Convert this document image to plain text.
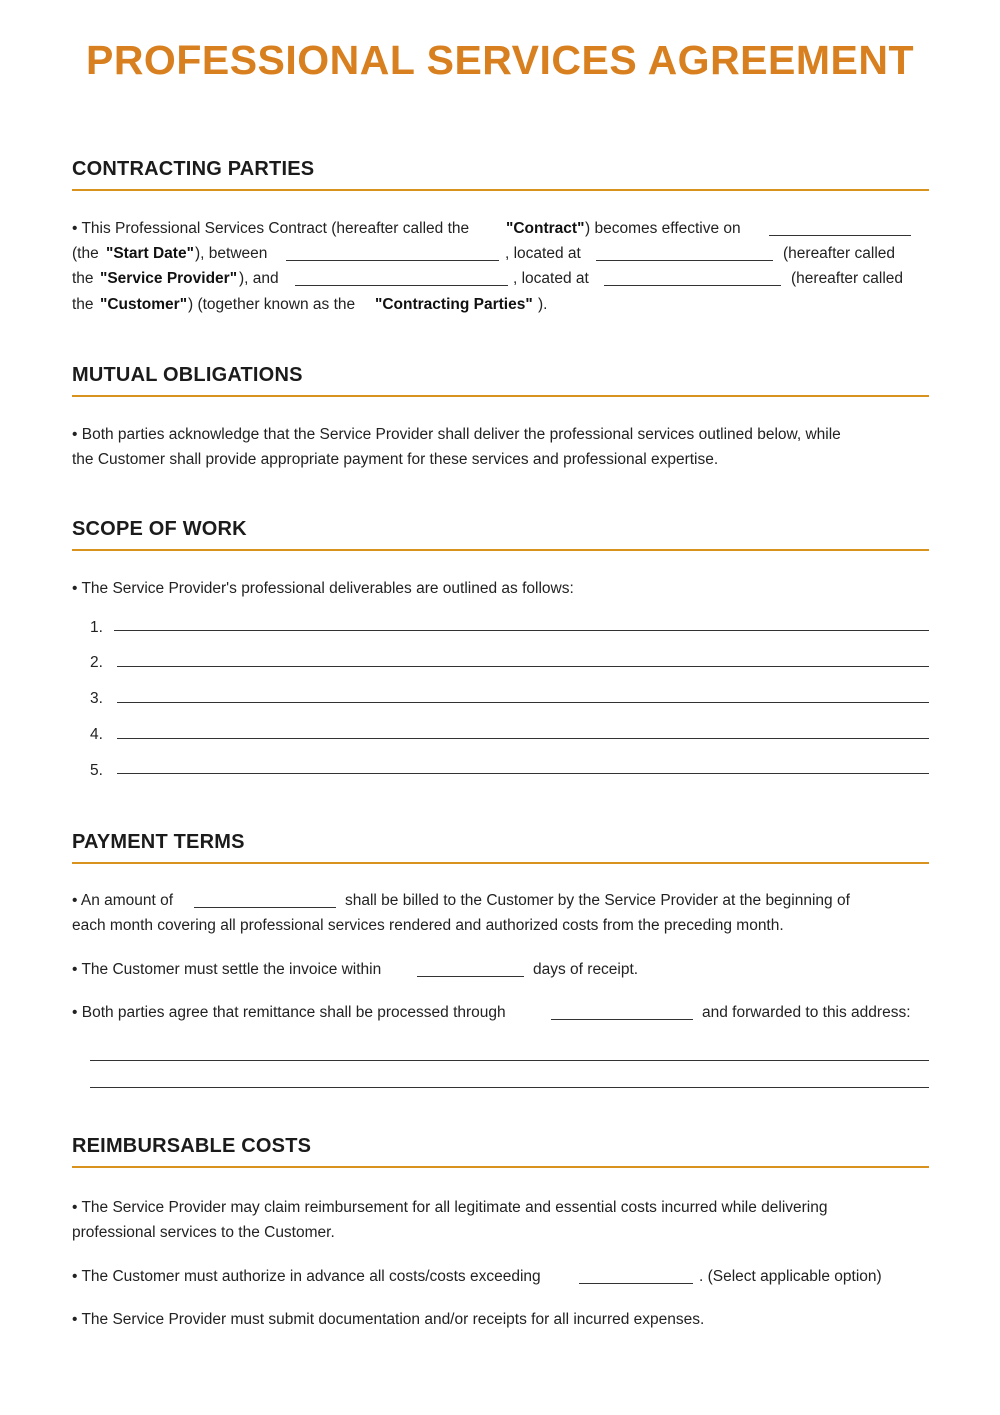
PROFESSIONAL SERVICES AGREEMENT
CONTRACTING PARTIES
• This Professional Services Contract (hereafter called the "Contract" ) becomes effective on
(the "Start Date" ), between	, located at	(hereafter called
the "Service Provider" ), and	, located at	(hereafter called
the "Customer" ) (together known as the "Contracting Parties" ).
MUTUAL OBLIGATIONS
• Both parties acknowledge that the Service Provider shall deliver the professional services outlined below, while
the Customer shall provide appropriate payment for these services and professional expertise.
SCOPE OF WORK
• The Service Provider's professional deliverables are outlined as follows:
1.
2.
3.
4.
5.
PAYMENT TERMS
• An amount of	shall be billed to the Customer by the Service Provider at the beginning of
each month covering all professional services rendered and authorized costs from the preceding month.
• The Customer must settle the invoice within	days of receipt.
• Both parties agree that remittance shall be processed through	and forwarded to this address:
REIMBURSABLE COSTS
• The Service Provider may claim reimbursement for all legitimate and essential costs incurred while delivering
professional services to the Customer.
• The Customer must authorize in advance all costs/costs exceeding	. (Select applicable option)
• The Service Provider must submit documentation and/or receipts for all incurred expenses.
